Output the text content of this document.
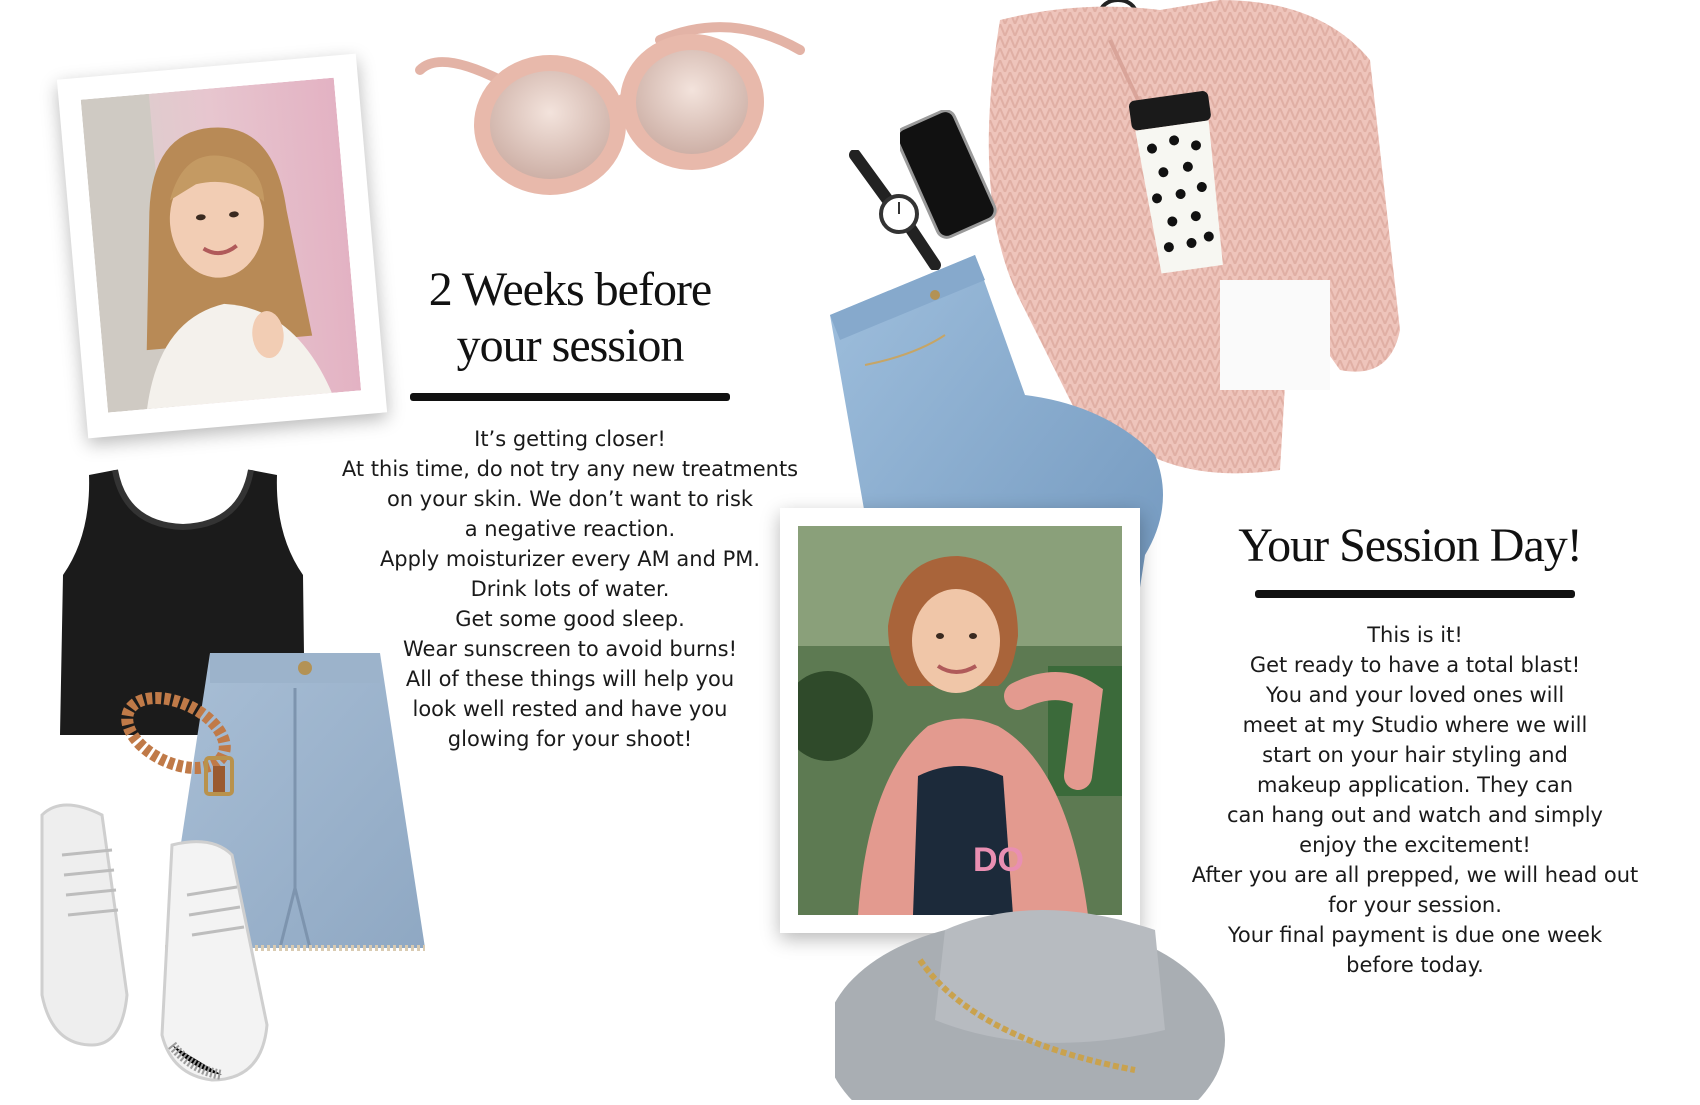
2 Weeks before
your session
It’s getting closer!
At this time, do not try any new treatments
on your skin. We don’t want to risk
a negative reaction.
Apply moisturizer every AM and PM.
Drink lots of water.
Get some good sleep.
Wear sunscreen to avoid burns!
All of these things will help you
look well rested and have you
glowing for your shoot!
DO
Your Session Day!
This is it!
Get ready to have a total blast!
You and your loved ones will
meet at my Studio where we will
start on your hair styling and
makeup application. They can
can hang out and watch and simply
enjoy the excitement!
After you are all prepped, we will head out
for your session.
Your final payment is due one week
before today.
